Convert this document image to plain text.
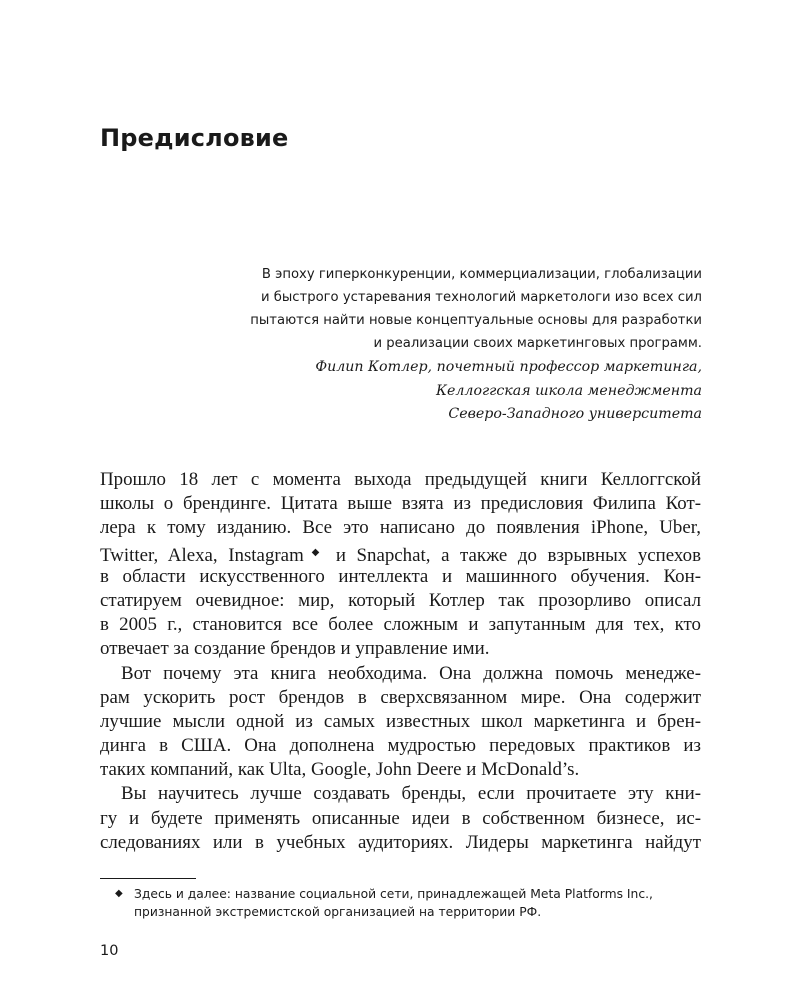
Предисловие
В эпоху гиперконкуренции, коммерциализации, глобализации
и быстрого устаревания технологий маркетологи изо всех сил
пытаются найти новые концептуальные основы для разработки
и реализации своих маркетинговых программ.
Филип Котлер, почетный профессор маркетинга,
Келлоггская школа менеджмента
Северо-Западного университета
Прошло 18 лет с момента выхода предыдущей книги Келлоггской
школы о брендинге. Цитата выше взята из предисловия Филипа Кот-
лера к тому изданию. Все это написано до появления iPhone, Uber,
Twitter, Alexa, Instagram ◆ и Snapchat, а также до взрывных успехов
в области искусственного интеллекта и машинного обучения. Кон-
статируем очевидное: мир, который Котлер так прозорливо описал
в 2005 г., становится все более сложным и запутанным для тех, кто
отвечает за создание брендов и управление ими.
Вот почему эта книга необходима. Она должна помочь менедже-
рам ускорить рост брендов в сверхсвязанном мире. Она содержит
лучшие мысли одной из самых известных школ маркетинга и брен-
динга в США. Она дополнена мудростью передовых практиков из
таких компаний, как Ulta, Google, John Deere и McDonald’s.
Вы научитесь лучше создавать бренды, если прочитаете эту кни-
гу и будете применять описанные идеи в собственном бизнесе, ис-
следованиях или в учебных аудиториях. Лидеры маркетинга найдут
◆ Здесь и далее: название социальной сети, принадлежащей Meta Platforms Inc.,
признанной экстремистской организацией на территории РФ.
10
